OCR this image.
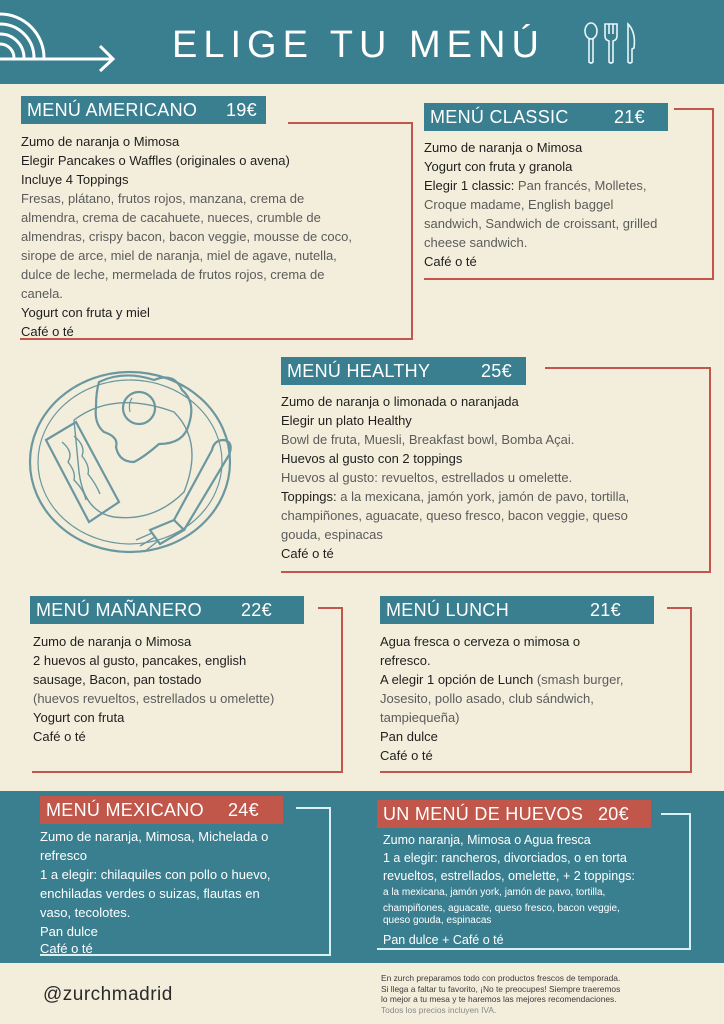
ELIGE TU MENÚ
MENÚ AMERICANO 19€
Zumo de naranja o Mimosa
Elegir Pancakes o Waffles (originales o avena)
Incluye 4 Toppings
Fresas, plátano, frutos rojos, manzana, crema de
almendra, crema de cacahuete, nueces, crumble de
almendras, crispy bacon, bacon veggie, mousse de coco,
sirope de arce, miel de naranja, miel de agave, nutella,
dulce de leche, mermelada de frutos rojos, crema de
canela.
Yogurt con fruta y miel
Café o té
MENÚ CLASSIC	21€
Zumo de naranja o Mimosa
Yogurt con fruta y granola
Elegir 1 classic: Pan francés, Molletes,
Croque madame, English baggel
sandwich, Sandwich de croissant, grilled
cheese sandwich.
Café o té
MENÚ HEALTHY	25€
Zumo de naranja o limonada o naranjada
Elegir un plato Healthy
Bowl de fruta, Muesli, Breakfast bowl, Bomba Açai.
Huevos al gusto con 2 toppings
Huevos al gusto: revueltos, estrellados u omelette.
Toppings: a la mexicana, jamón york, jamón de pavo, tortilla,
champiñones, aguacate, queso fresco, bacon veggie, queso
gouda, espinacas
Café o té
MENÚ MAÑANERO 22€
Zumo de naranja o Mimosa
2 huevos al gusto, pancakes, english
sausage, Bacon, pan tostado
(huevos revueltos, estrellados u omelette)
Yogurt con fruta
Café o té
MENÚ LUNCH	21€
Agua fresca o cerveza o mimosa o
refresco.
A elegir 1 opción de Lunch (smash burger,
Josesito, pollo asado, club sándwich,
tampiequeña)
Pan dulce
Café o té
MENÚ MEXICANO 24€
Zumo de naranja, Mimosa, Michelada o
refresco
1 a elegir: chilaquiles con pollo o huevo,
enchiladas verdes o suizas, flautas en
vaso, tecolotes.
Pan dulce
Café o té
UN MENÚ DE HUEVOS 20€
Zumo naranja, Mimosa o Agua fresca
1 a elegir: rancheros, divorciados, o en torta
revueltos, estrellados, omelette, + 2 toppings:
a la mexicana, jamón york, jamón de pavo, tortilla,
champiñones, aguacate, queso fresco, bacon veggie,
queso gouda, espinacas
Pan dulce + Café o té
@zurchmadrid
En zurch preparamos todo con productos frescos de temporada.
Si llega a faltar tu favorito, ¡No te preocupes! Siempre traeremos
lo mejor a tu mesa y te haremos las mejores recomendaciones.
Todos los precios incluyen IVA.
